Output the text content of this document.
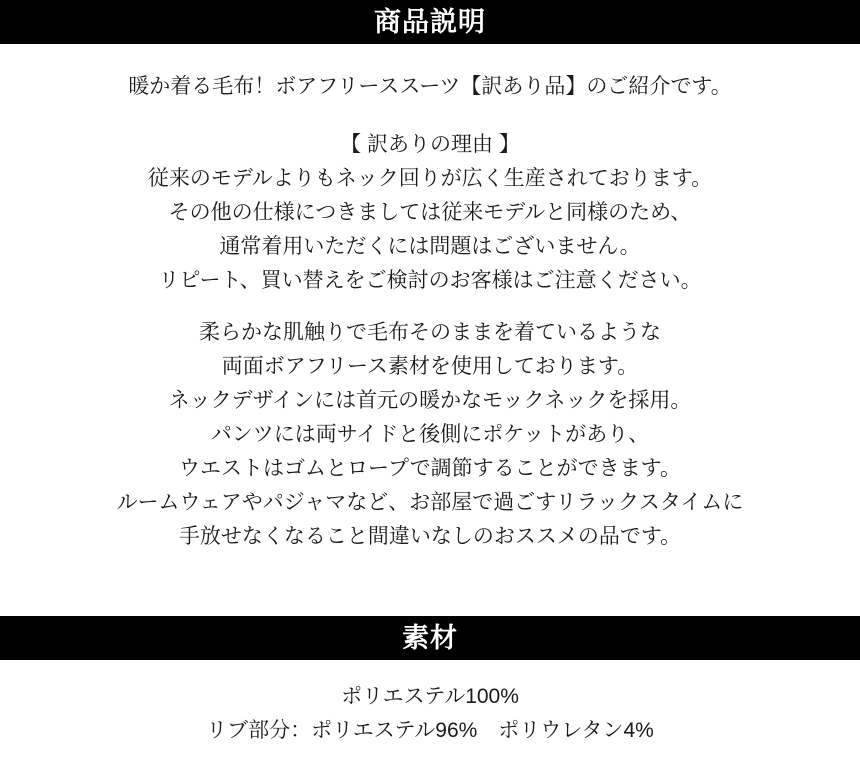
商品説明
暖か着る毛布！ボアフリーススーツ【訳あり品】のご紹介です。
【 訳ありの理由 】
従来のモデルよりもネック回りが広く生産されております。
その他の仕様につきましては従来モデルと同様のため、
通常着用いただくには問題はございません。
リピート、買い替えをご検討のお客様はご注意ください。
柔らかな肌触りで毛布そのままを着ているような
両面ボアフリース素材を使用しております。
ネックデザインには首元の暖かなモックネックを採用。
パンツには両サイドと後側にポケットがあり、
ウエストはゴムとロープで調節することができます。
ルームウェアやパジャマなど、お部屋で過ごすリラックスタイムに
手放せなくなること間違いなしのおススメの品です。
素材
ポリエステル100%
リブ部分：ポリエステル96%　ポリウレタン4%
